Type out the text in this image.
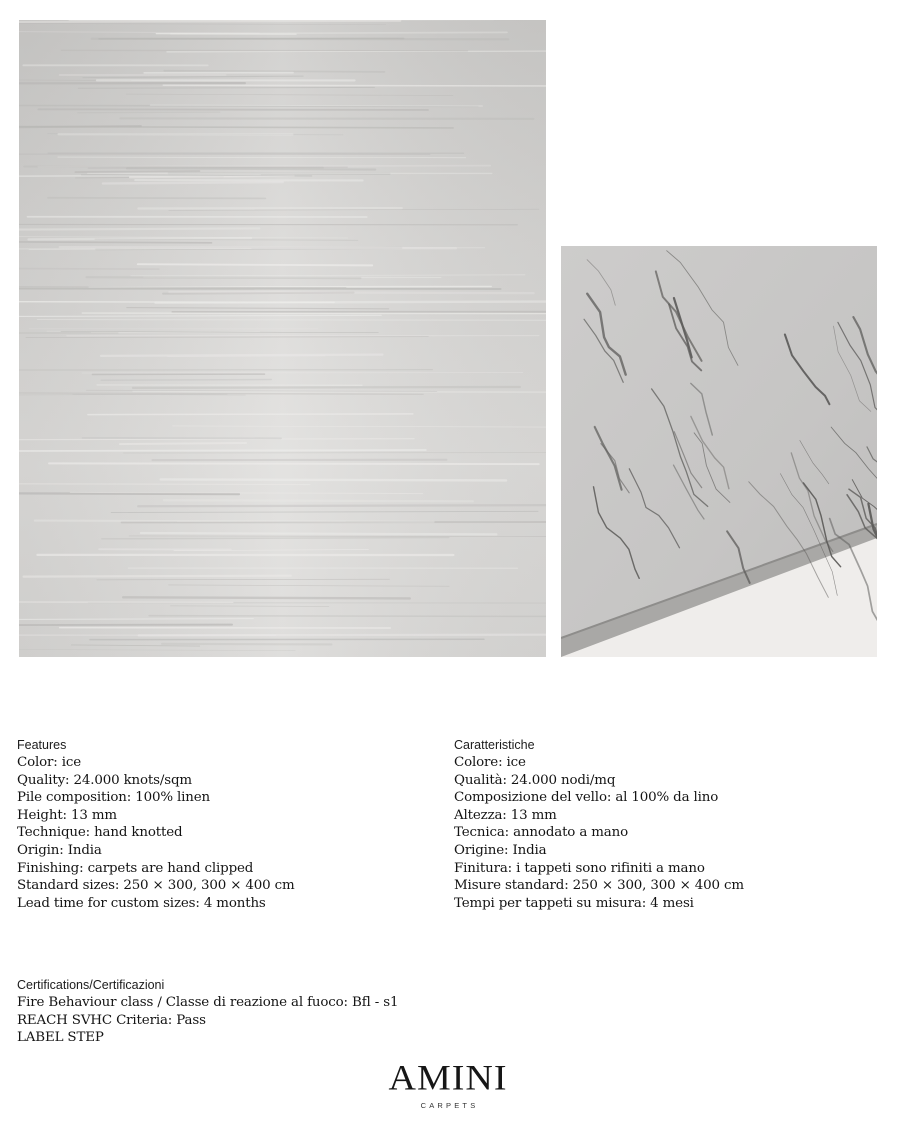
Features

Color: ice

Quality: 24.000 knots/sqm

Pile composition: 100% linen

Height: 13 mm

Technique: hand knotted

Origin: India

Finishing: carpets are hand clipped

Standard sizes: 250 × 300, 300 × 400 cm

Lead time for custom sizes: 4 months

Caratteristiche

Colore: ice

Qualità: 24.000 nodi/mq

Composizione del vello: al 100% da lino

Altezza: 13 mm

Tecnica: annodato a mano

Origine: India

Finitura: i tappeti sono rifiniti a mano

Misure standard: 250 × 300, 300 × 400 cm

Tempi per tappeti su misura: 4 mesi

Certifications/Certificazioni

Fire Behaviour class / Classe di reazione al fuoco: Bfl - s1

REACH SVHC Criteria: Pass

LABEL STEP

AMINI
CARPETS
